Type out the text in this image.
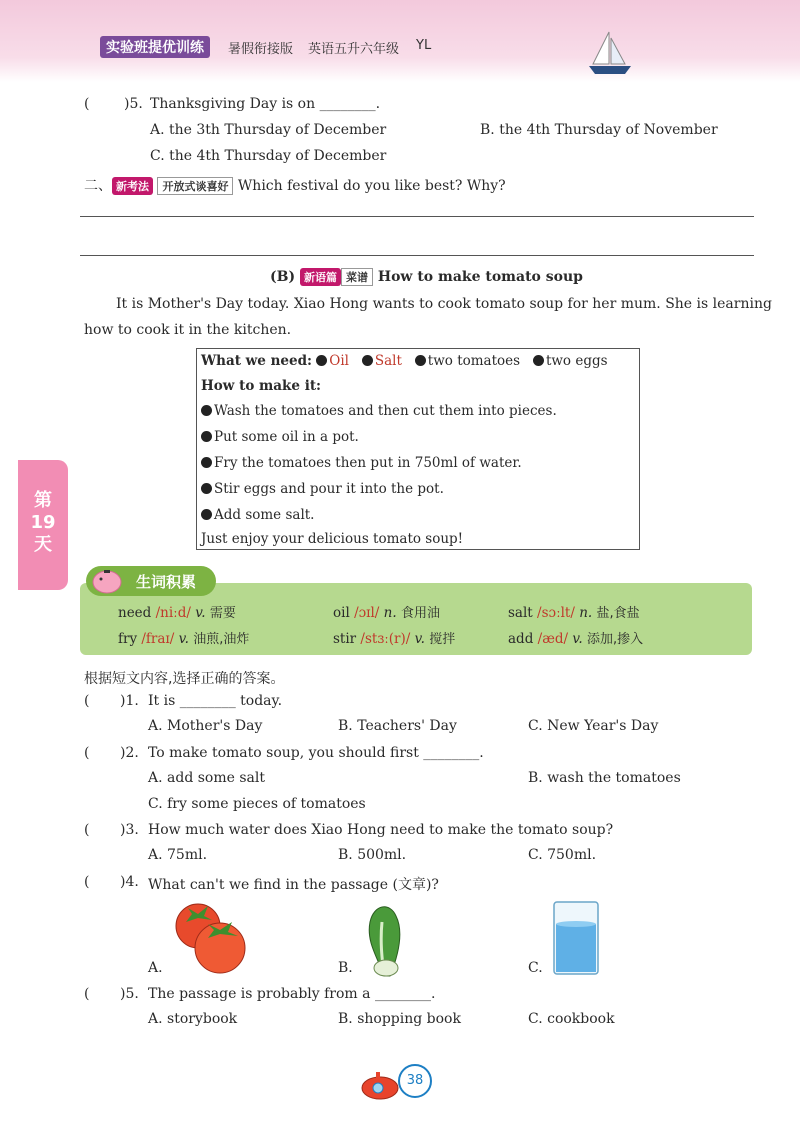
实验班提优训练	暑假衔接版 英语五升六年级 YL
第19天
( )5. Thanksgiving Day is on ________.
A. the 3th Thursday of December	B. the 4th Thursday of November
C. the 4th Thursday of December
二、 新考法 开放式谈喜好 Which festival do you like best? Why?
(B) 新语篇 菜谱 How to make tomato soup
It is Mother's Day today. Xiao Hong wants to cook tomato soup for her mum. She is learning
how to cook it in the kitchen.
What we need: Oil Salt two tomatoes two eggs
How to make it:
Wash the tomatoes and then cut them into pieces.
Put some oil in a pot.
Fry the tomatoes then put in 750ml of water.
Stir eggs and pour it into the pot.
Add some salt.
Just enjoy your delicious tomato soup!
生词积累
need /niːd/ v. 需要	oil /ɔɪl/ n. 食用油	salt /sɔːlt/ n. 盐,食盐
fry /fraɪ/ v. 油煎,油炸	stir /stɜː(r)/ v. 搅拌	add /æd/ v. 添加,掺入
根据短文内容,选择正确的答案。
( )1. It is ________ today.
A. Mother's Day	B. Teachers' Day	C. New Year's Day
( )2. To make tomato soup, you should first ________.
A. add some salt	B. wash the tomatoes
C. fry some pieces of tomatoes
( )3. How much water does Xiao Hong need to make the tomato soup?
A. 75ml.	B. 500ml.	C. 750ml.
( )4. What can't we find in the passage (文章)?
A.	B.	C.
( )5. The passage is probably from a ________.
A. storybook	B. shopping book	C. cookbook
38
